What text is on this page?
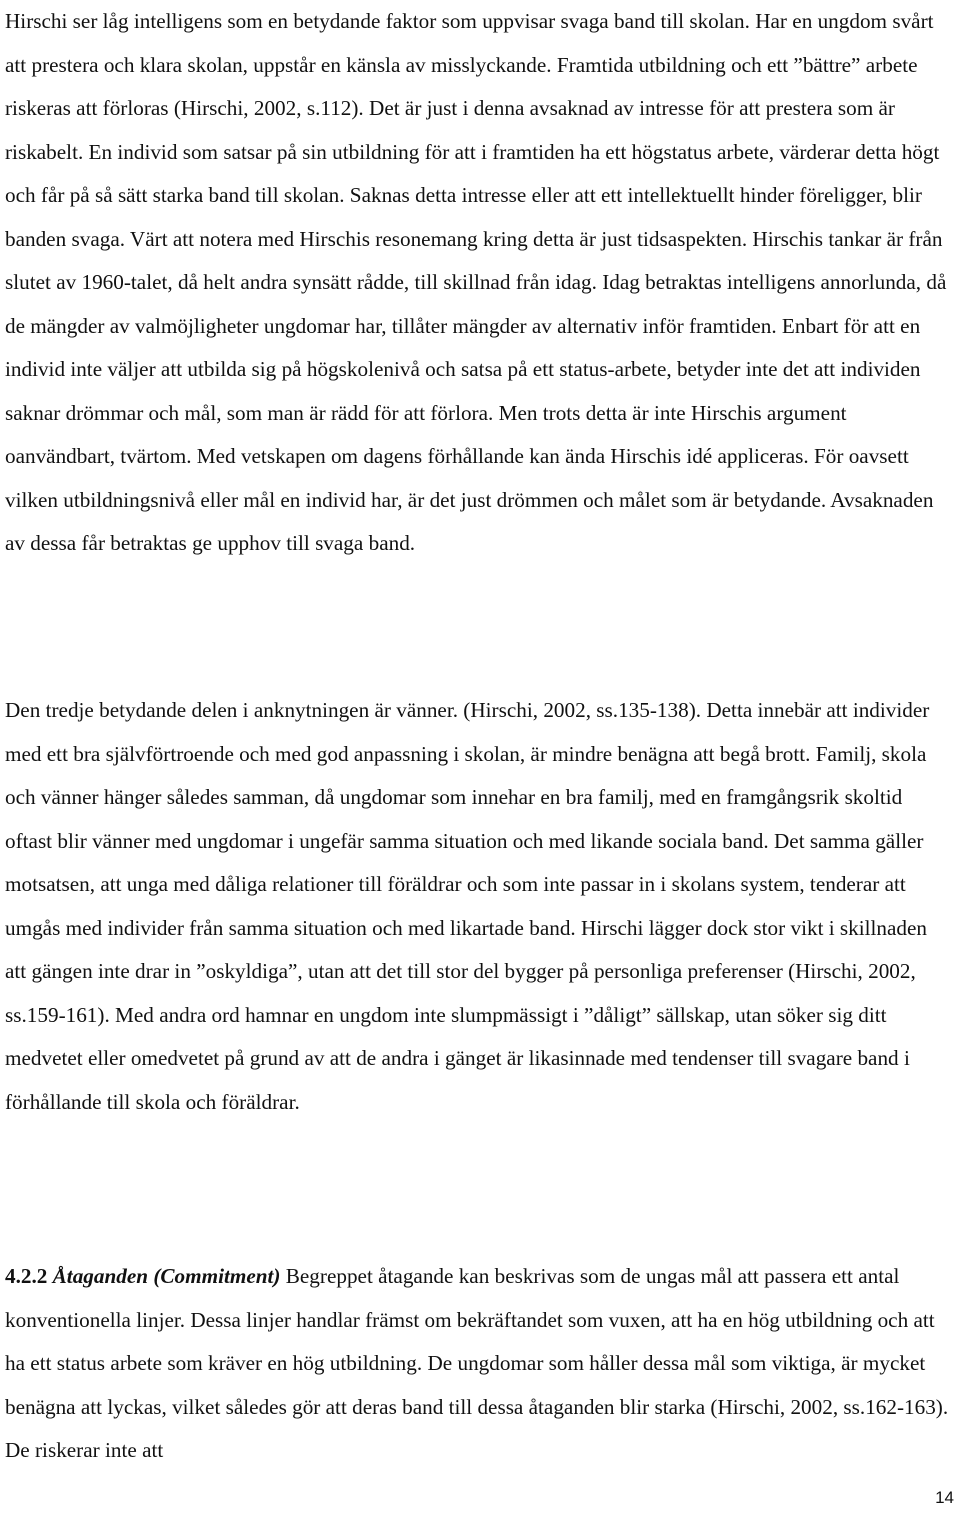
Hirschi ser låg intelligens som en betydande faktor som uppvisar svaga band till skolan. Har en ungdom svårt att prestera och klara skolan, uppstår en känsla av misslyckande. Framtida utbildning och ett ”bättre” arbete riskeras att förloras (Hirschi, 2002, s.112). Det är just i denna avsaknad av intresse för att prestera som är riskabelt. En individ som satsar på sin utbildning för att i framtiden ha ett högstatus arbete, värderar detta högt och får på så sätt starka band till skolan. Saknas detta intresse eller att ett intellektuellt hinder föreligger, blir banden svaga. Värt att notera med Hirschis resonemang kring detta är just tidsaspekten. Hirschis tankar är från slutet av 1960-talet, då helt andra synsätt rådde, till skillnad från idag. Idag betraktas intelligens annorlunda, då de mängder av valmöjligheter ungdomar har, tillåter mängder av alternativ inför framtiden. Enbart för att en individ inte väljer att utbilda sig på högskolenivå och satsa på ett status-arbete, betyder inte det att individen saknar drömmar och mål, som man är rädd för att förlora. Men trots detta är inte Hirschis argument oanvändbart, tvärtom. Med vetskapen om dagens förhållande kan ända Hirschis idé appliceras. För oavsett vilken utbildningsnivå eller mål en individ har, är det just drömmen och målet som är betydande. Avsaknaden av dessa får betraktas ge upphov till svaga band.

Den tredje betydande delen i anknytningen är vänner. (Hirschi, 2002, ss.135-138). Detta innebär att individer med ett bra självförtroende och med god anpassning i skolan, är mindre benägna att begå brott. Familj, skola och vänner hänger således samman, då ungdomar som innehar en bra familj, med en framgångsrik skoltid oftast blir vänner med ungdomar i ungefär samma situation och med likande sociala band. Det samma gäller motsatsen, att unga med dåliga relationer till föräldrar och som inte passar in i skolans system, tenderar att umgås med individer från samma situation och med likartade band. Hirschi lägger dock stor vikt i skillnaden att gängen inte drar in ”oskyldiga”, utan att det till stor del bygger på personliga preferenser (Hirschi, 2002, ss.159-161). Med andra ord hamnar en ungdom inte slumpmässigt i ”dåligt” sällskap, utan söker sig ditt medvetet eller omedvetet på grund av att de andra i gänget är likasinnade med tendenser till svagare band i förhållande till skola och föräldrar.

4.2.2 Åtaganden (Commitment) Begreppet åtagande kan beskrivas som de ungas mål att passera ett antal konventionella linjer. Dessa linjer handlar främst om bekräftandet som vuxen, att ha en hög utbildning och att ha ett status arbete som kräver en hög utbildning. De ungdomar som håller dessa mål som viktiga, är mycket benägna att lyckas, vilket således gör att deras band till dessa åtaganden blir starka (Hirschi, 2002, ss.162-163). De riskerar inte att

14
